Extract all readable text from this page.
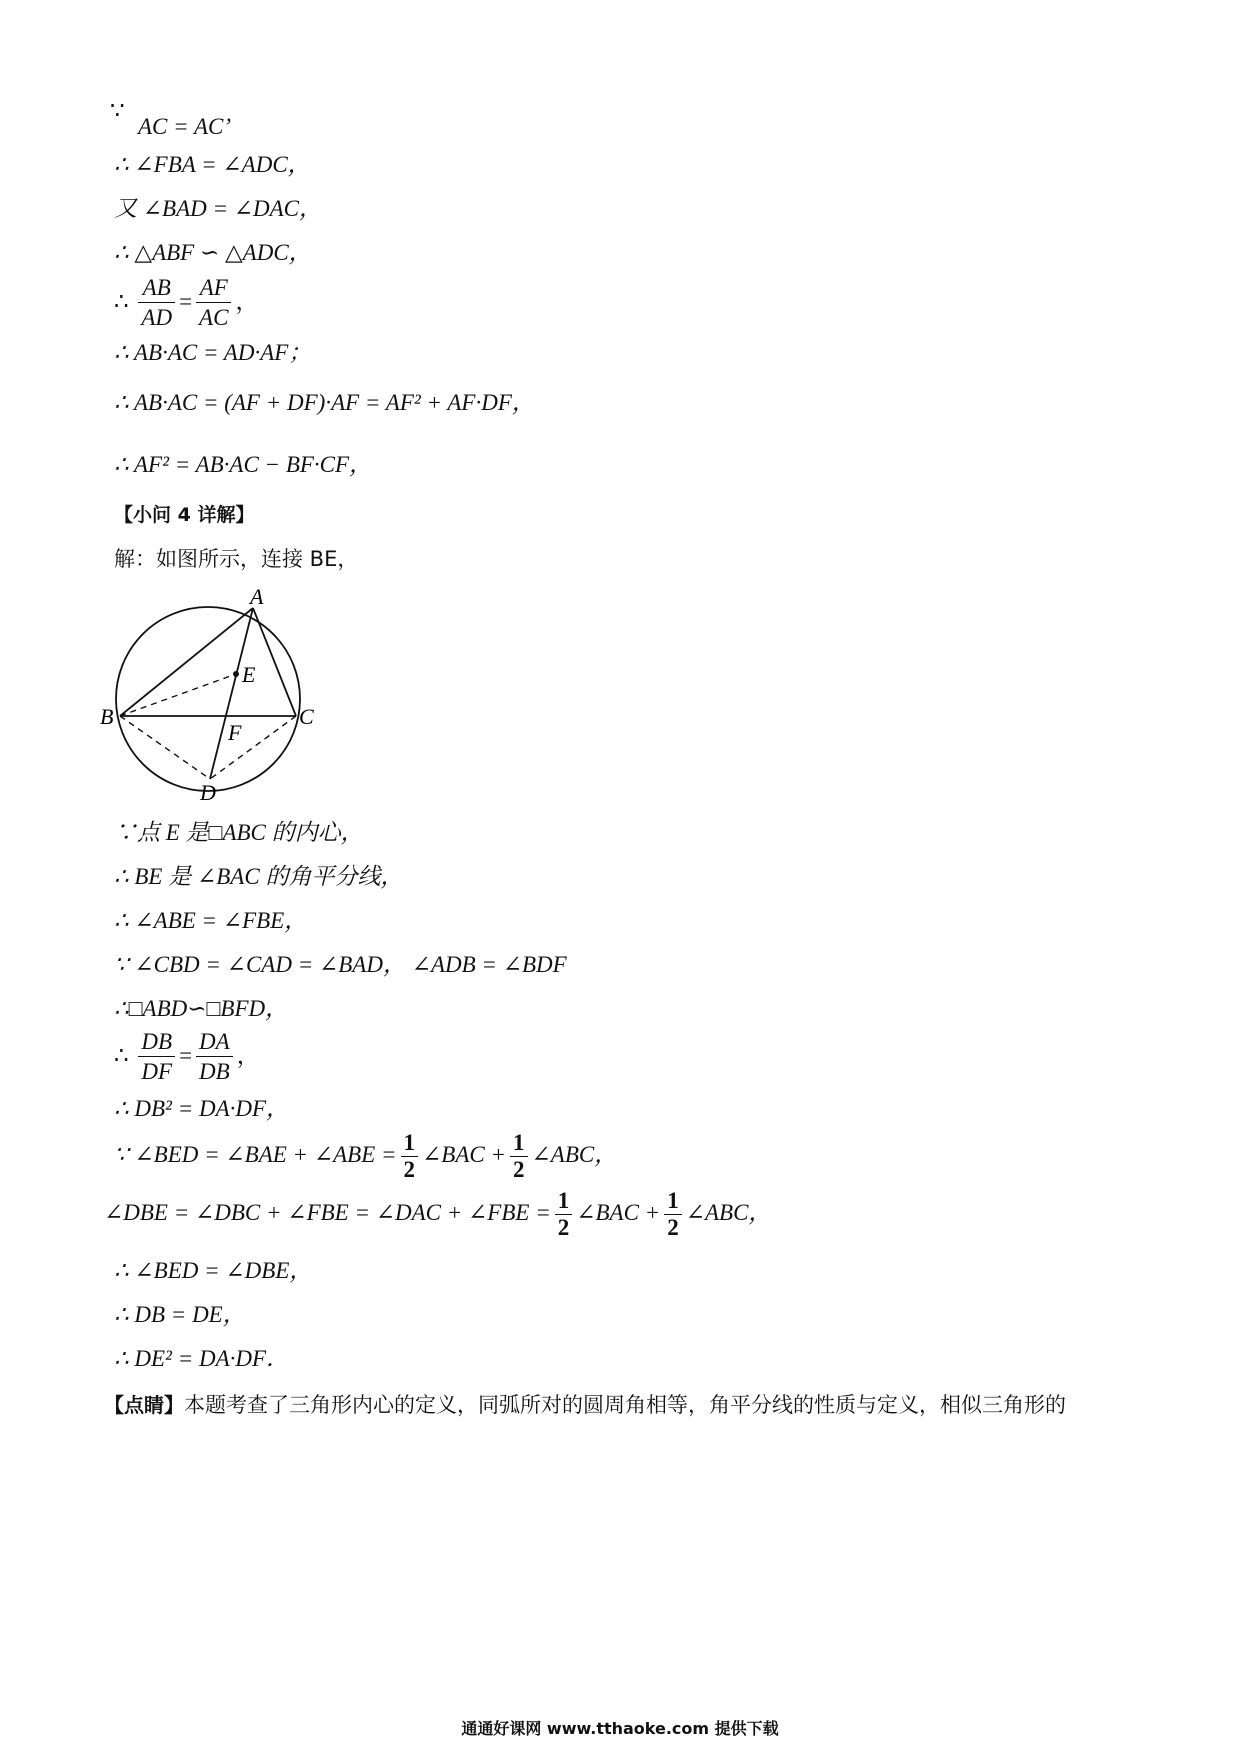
∵
AC = AC’
∴ ∠FBA = ∠ADC，
又 ∠BAD = ∠DAC，
∴ △ABF ∽ △ADC，
∴ $\frac{AB}{AD} = \frac{AF}{AC}$ ，
∴ AB·AC = AD·AF；
∴ AB·AC = (AF + DF)·AF = AF² + AF·DF，
∴ AF² = AB·AC − BF·CF，
【小问 4 详解】
解：如图所示，连接 BE，
A
B	C
D
E
F
∵点 E 是□ABC 的内心，
∴ BE 是 ∠BAC 的角平分线，
∴ ∠ABE = ∠FBE，
∵ ∠CBD = ∠CAD = ∠BAD， ∠ADB = ∠BDF
∴□ABD∽□BFD，
∴ $\frac{DB}{DF} = \frac{DA}{DB}$ ，
∴ DB² = DA·DF，
∵ ∠BED = ∠BAE + ∠ABE = $\frac{1}{2}$ ∠BAC + $\frac{1}{2}$ ∠ABC，
∠DBE = ∠DBC + ∠FBE = ∠DAC + ∠FBE = $\frac{1}{2}$ ∠BAC + $\frac{1}{2}$ ∠ABC，
∴ ∠BED = ∠DBE，
∴ DB = DE，
∴ DE² = DA·DF．
【点睛】本题考查了三角形内心的定义，同弧所对的圆周角相等，角平分线的性质与定义，相似三角形的
通通好课网 www.tthaoke.com 提供下载
